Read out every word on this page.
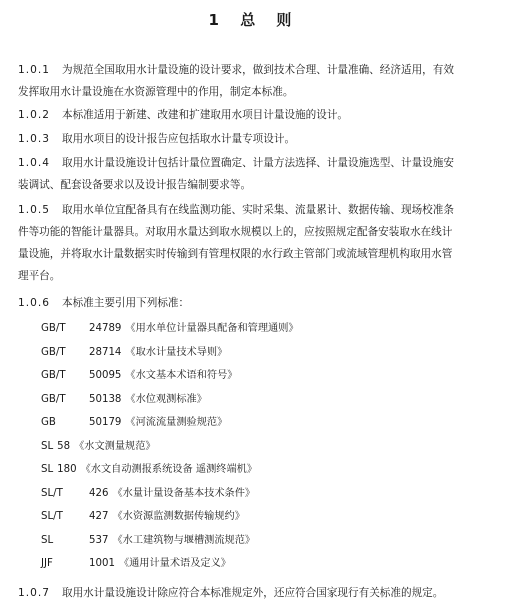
1 总 则
1.0.1 为规范全国取用水计量设施的设计要求，做到技术合理、计量准确、经济适用，有效发挥取用水计量设施在水资源管理中的作用，制定本标准。
1.0.2 本标准适用于新建、改建和扩建取用水项目计量设施的设计。
1.0.3 取用水项目的设计报告应包括取水计量专项设计。
1.0.4 取用水计量设施设计包括计量位置确定、计量方法选择、计量设施选型、计量设施安装调试、配套设备要求以及设计报告编制要求等。
1.0.5 取用水单位宜配备具有在线监测功能、实时采集、流量累计、数据传输、现场校准条件等功能的智能计量器具。对取用水量达到取水规模以上的，应按照规定配备安装取水在线计量设施，并将取水计量数据实时传输到有管理权限的水行政主管部门或流域管理机构取用水管理平台。
1.0.6 本标准主要引用下列标准：
GB/T 24789 《用水单位计量器具配备和管理通则》
GB/T 28714 《取水计量技术导则》
GB/T 50095 《水文基本术语和符号》
GB/T 50138 《水位观测标准》
GB	50179 《河流流量测验规范》
SL 58 《水文测量规范》
SL 180 《水文自动测报系统设备 遥测终端机》
SL/T	426 《水量计量设备基本技术条件》
SL/T	427 《水资源监测数据传输规约》
SL	537 《水工建筑物与堰槽测流规范》
JJF	1001 《通用计量术语及定义》
1.0.7 取用水计量设施设计除应符合本标准规定外，还应符合国家现行有关标准的规定。
